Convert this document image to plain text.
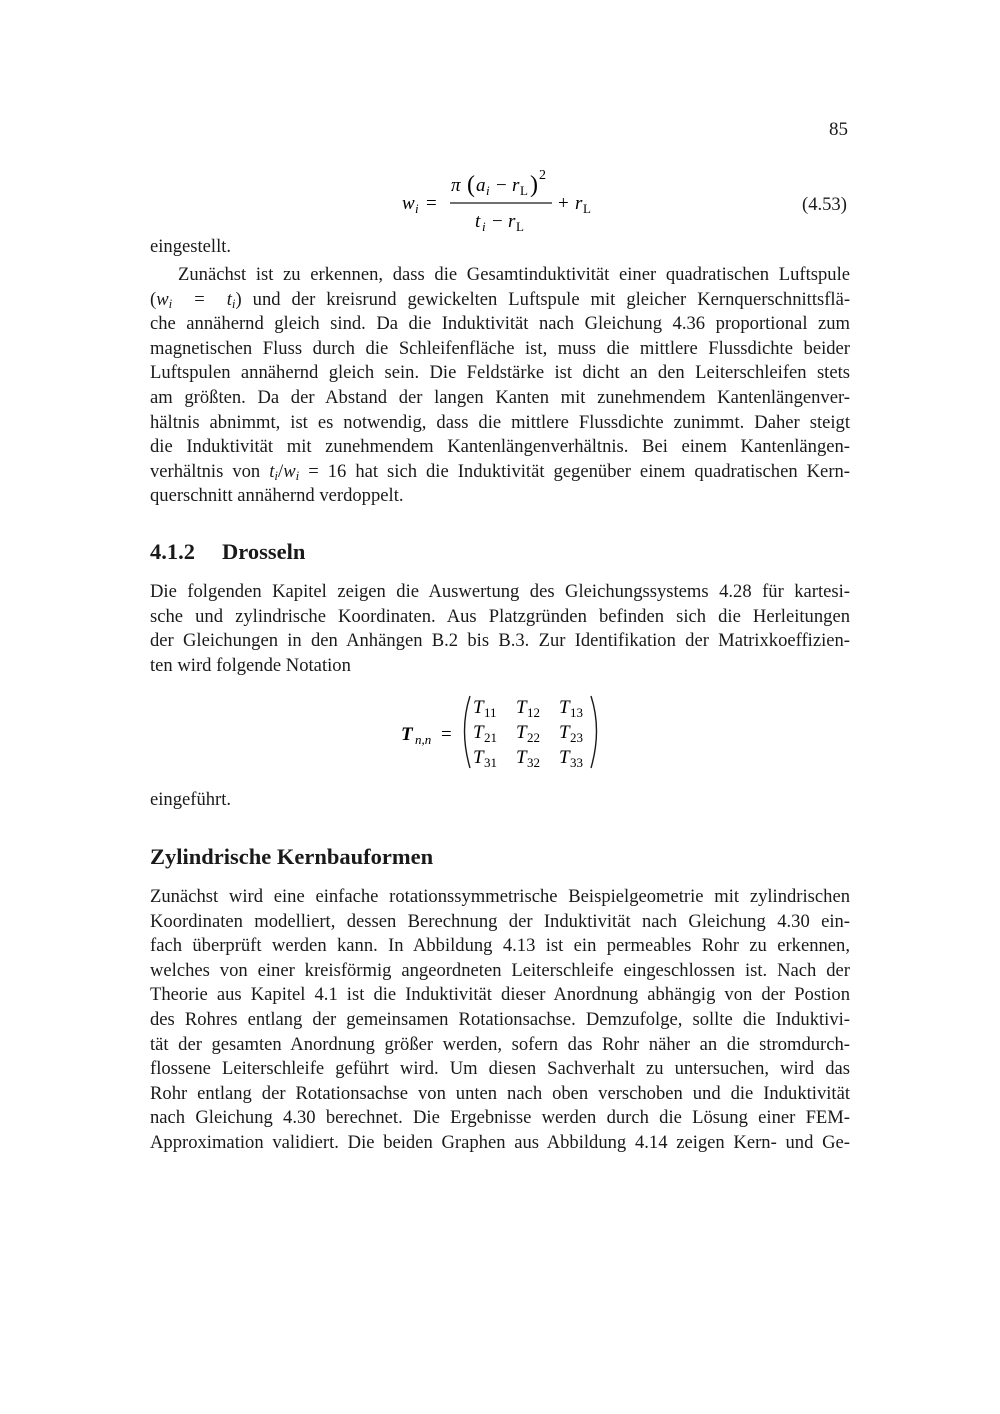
85
w i =
π ( a i − r L ) 2
t i − r L
+ r L	(4.53)
eingestellt.
Zunächst ist zu erkennen, dass die Gesamtinduktivität einer quadratischen Luftspule
$(w_i = t_i)$ und der kreisrund gewickelten Luftspule mit gleicher Kernquerschnittsflä-
che annähernd gleich sind. Da die Induktivität nach Gleichung 4.36 proportional zum
magnetischen Fluss durch die Schleifenfläche ist, muss die mittlere Flussdichte beider
Luftspulen annähernd gleich sein. Die Feldstärke ist dicht an den Leiterschleifen stets
am größten. Da der Abstand der langen Kanten mit zunehmendem Kantenlängenver-
hältnis abnimmt, ist es notwendig, dass die mittlere Flussdichte zunimmt. Daher steigt
die Induktivität mit zunehmendem Kantenlängenverhältnis. Bei einem Kantenlängen-
verhältnis von $t_i/w_i = 16$ hat sich die Induktivität gegenüber einem quadratischen Kern-
querschnitt annähernd verdoppelt.
4.1.2 Drosseln
Die folgenden Kapitel zeigen die Auswertung des Gleichungssystems 4.28 für kartesi-
sche und zylindrische Koordinaten. Aus Platzgründen befinden sich die Herleitungen
der Gleichungen in den Anhängen B.2 bis B.3. Zur Identifikation der Matrixkoeffizien-
ten wird folgende Notation
T n,n =
T 11 T 12 T 13
T 21 T 22 T 23
T 31 T 32 T 33
eingeführt.
Zylindrische Kernbauformen
Zunächst wird eine einfache rotationssymmetrische Beispielgeometrie mit zylindrischen
Koordinaten modelliert, dessen Berechnung der Induktivität nach Gleichung 4.30 ein-
fach überprüft werden kann. In Abbildung 4.13 ist ein permeables Rohr zu erkennen,
welches von einer kreisförmig angeordneten Leiterschleife eingeschlossen ist. Nach der
Theorie aus Kapitel 4.1 ist die Induktivität dieser Anordnung abhängig von der Postion
des Rohres entlang der gemeinsamen Rotationsachse. Demzufolge, sollte die Induktivi-
tät der gesamten Anordnung größer werden, sofern das Rohr näher an die stromdurch-
flossene Leiterschleife geführt wird. Um diesen Sachverhalt zu untersuchen, wird das
Rohr entlang der Rotationsachse von unten nach oben verschoben und die Induktivität
nach Gleichung 4.30 berechnet. Die Ergebnisse werden durch die Lösung einer FEM-
Approximation validiert. Die beiden Graphen aus Abbildung 4.14 zeigen Kern- und Ge-
